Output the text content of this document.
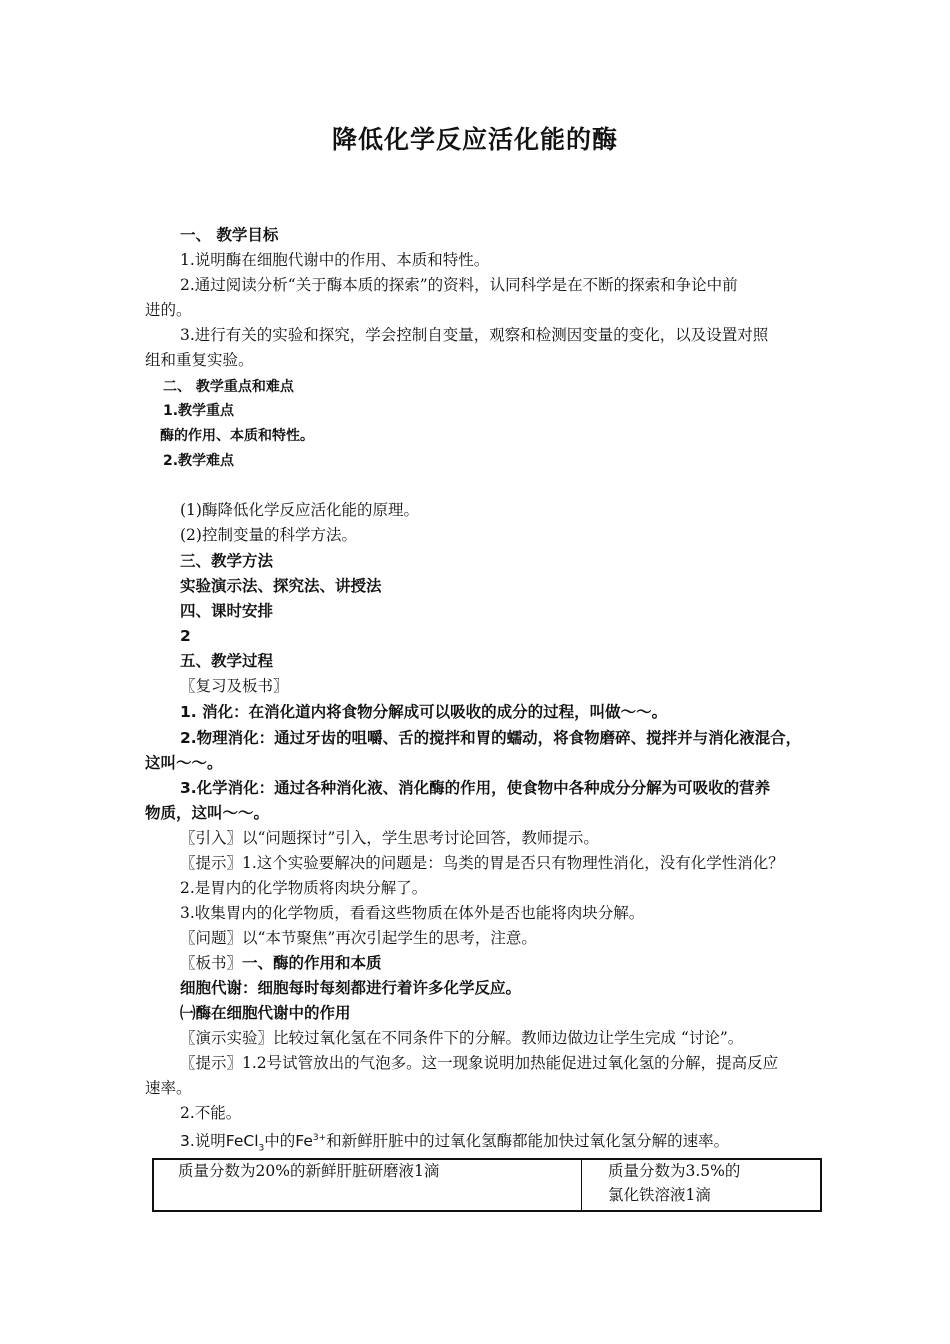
降低化学反应活化能的酶
一、 教学目标
1.说明酶在细胞代谢中的作用、本质和特性。
2.通过阅读分析“关于酶本质的探索”的资料，认同科学是在不断的探索和争论中前
进的。
3.进行有关的实验和探究，学会控制自变量，观察和检测因变量的变化，以及设置对照
组和重复实验。
二、 教学重点和难点
1.教学重点
酶的作用、本质和特性。
2.教学难点
(1)酶降低化学反应活化能的原理。
(2)控制变量的科学方法。
三、教学方法
实验演示法、探究法、讲授法
四、课时安排
2
五、教学过程
〖复习及板书〗
1. 消化：在消化道内将食物分解成可以吸收的成分的过程，叫做～～。
2.物理消化：通过牙齿的咀嚼、舌的搅拌和胃的蠕动，将食物磨碎、搅拌并与消化液混合，
这叫～～。
3.化学消化：通过各种消化液、消化酶的作用，使食物中各种成分分解为可吸收的营养
物质，这叫～～。
〖引入〗以“问题探讨”引入，学生思考讨论回答，教师提示。
〖提示〗1.这个实验要解决的问题是：鸟类的胃是否只有物理性消化，没有化学性消化？
2.是胃内的化学物质将肉块分解了。
3.收集胃内的化学物质，看看这些物质在体外是否也能将肉块分解。
〖问题〗以“本节聚焦”再次引起学生的思考，注意。
〖板书〗一、酶的作用和本质
细胞代谢：细胞每时每刻都进行着许多化学反应。
㈠酶在细胞代谢中的作用
〖演示实验〗比较过氧化氢在不同条件下的分解。教师边做边让学生完成 “讨论”。
〖提示〗1.2号试管放出的气泡多。这一现象说明加热能促进过氧化氢的分解，提高反应
速率。
2.不能。
3.说明FeCl$_3$中的$Fe^{3+}$和新鲜肝脏中的过氧化氢酶都能加快过氧化氢分解的速率。
质量分数为20%的新鲜肝脏研磨液1滴	质量分数为3.5%的
氯化铁溶液1滴
